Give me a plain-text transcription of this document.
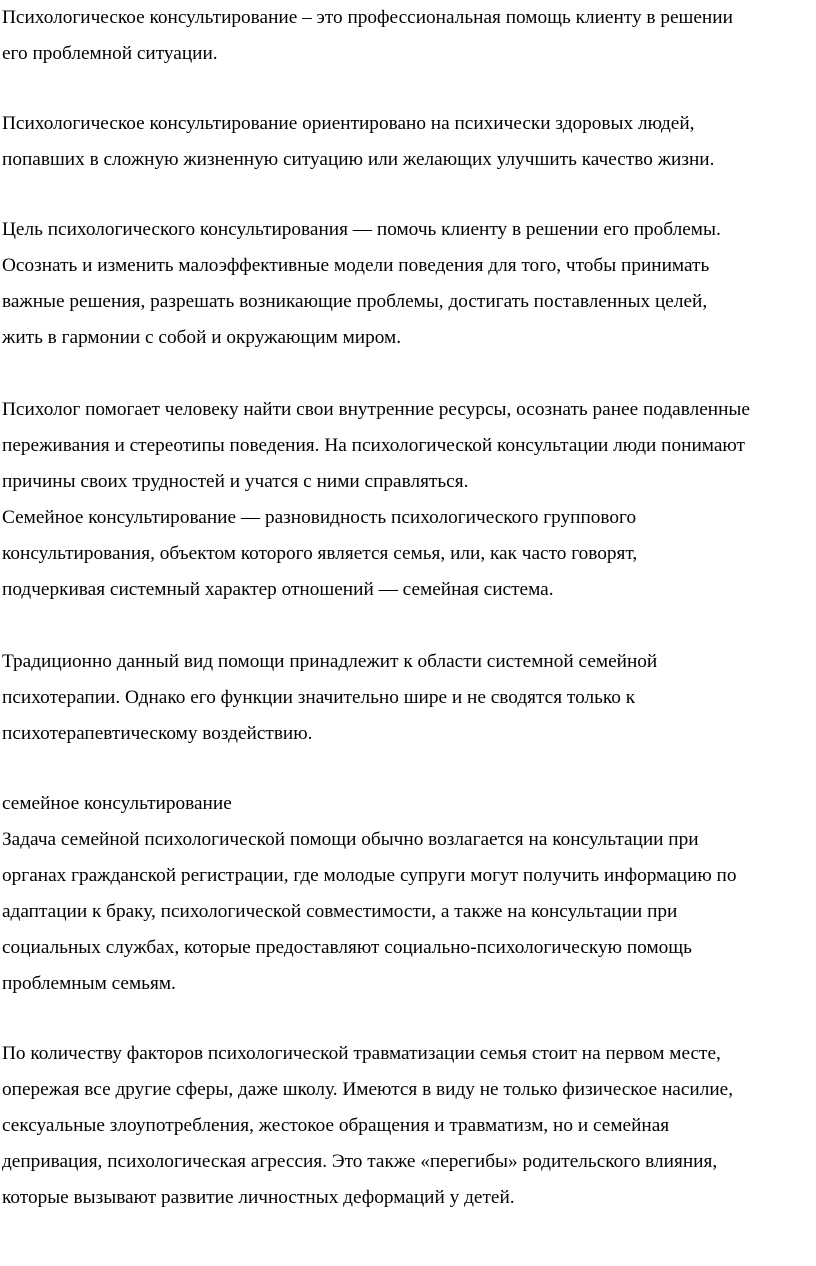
Психологическое консультирование – это профессиональная помощь клиенту в решении

его проблемной ситуации.

Психологическое консультирование ориентировано на психически здоровых людей,

попавших в сложную жизненную ситуацию или желающих улучшить качество жизни.

Цель психологического консультирования — помочь клиенту в решении его проблемы.

Осознать и изменить малоэффективные модели поведения для того, чтобы принимать

важные решения, разрешать возникающие проблемы, достигать поставленных целей,

жить в гармонии с собой и окружающим миром.

Психолог помогает человеку найти свои внутренние ресурсы, осознать ранее подавленные

переживания и стереотипы поведения. На психологической консультации люди понимают

причины своих трудностей и учатся с ними справляться.

Семейное консультирование — разновидность психологического группового

консультирования, объектом которого является семья, или, как часто говорят,

подчеркивая системный характер отношений — семейная система.

Традиционно данный вид помощи принадлежит к области системной семейной

психотерапии. Однако его функции значительно шире и не сводятся только к

психотерапевтическому воздействию.

семейное консультирование

Задача семейной психологической помощи обычно возлагается на консультации при

органах гражданской регистрации, где молодые супруги могут получить информацию по

адаптации к браку, психологической совместимости, а также на консультации при

социальных службах, которые предоставляют социально-психологическую помощь

проблемным семьям.

По количеству факторов психологической травматизации семья стоит на первом месте,

опережая все другие сферы, даже школу. Имеются в виду не только физическое насилие,

сексуальные злоупотребления, жестокое обращения и травматизм, но и семейная

депривация, психологическая агрессия. Это также «перегибы» родительского влияния,

которые вызывают развитие личностных деформаций у детей.
